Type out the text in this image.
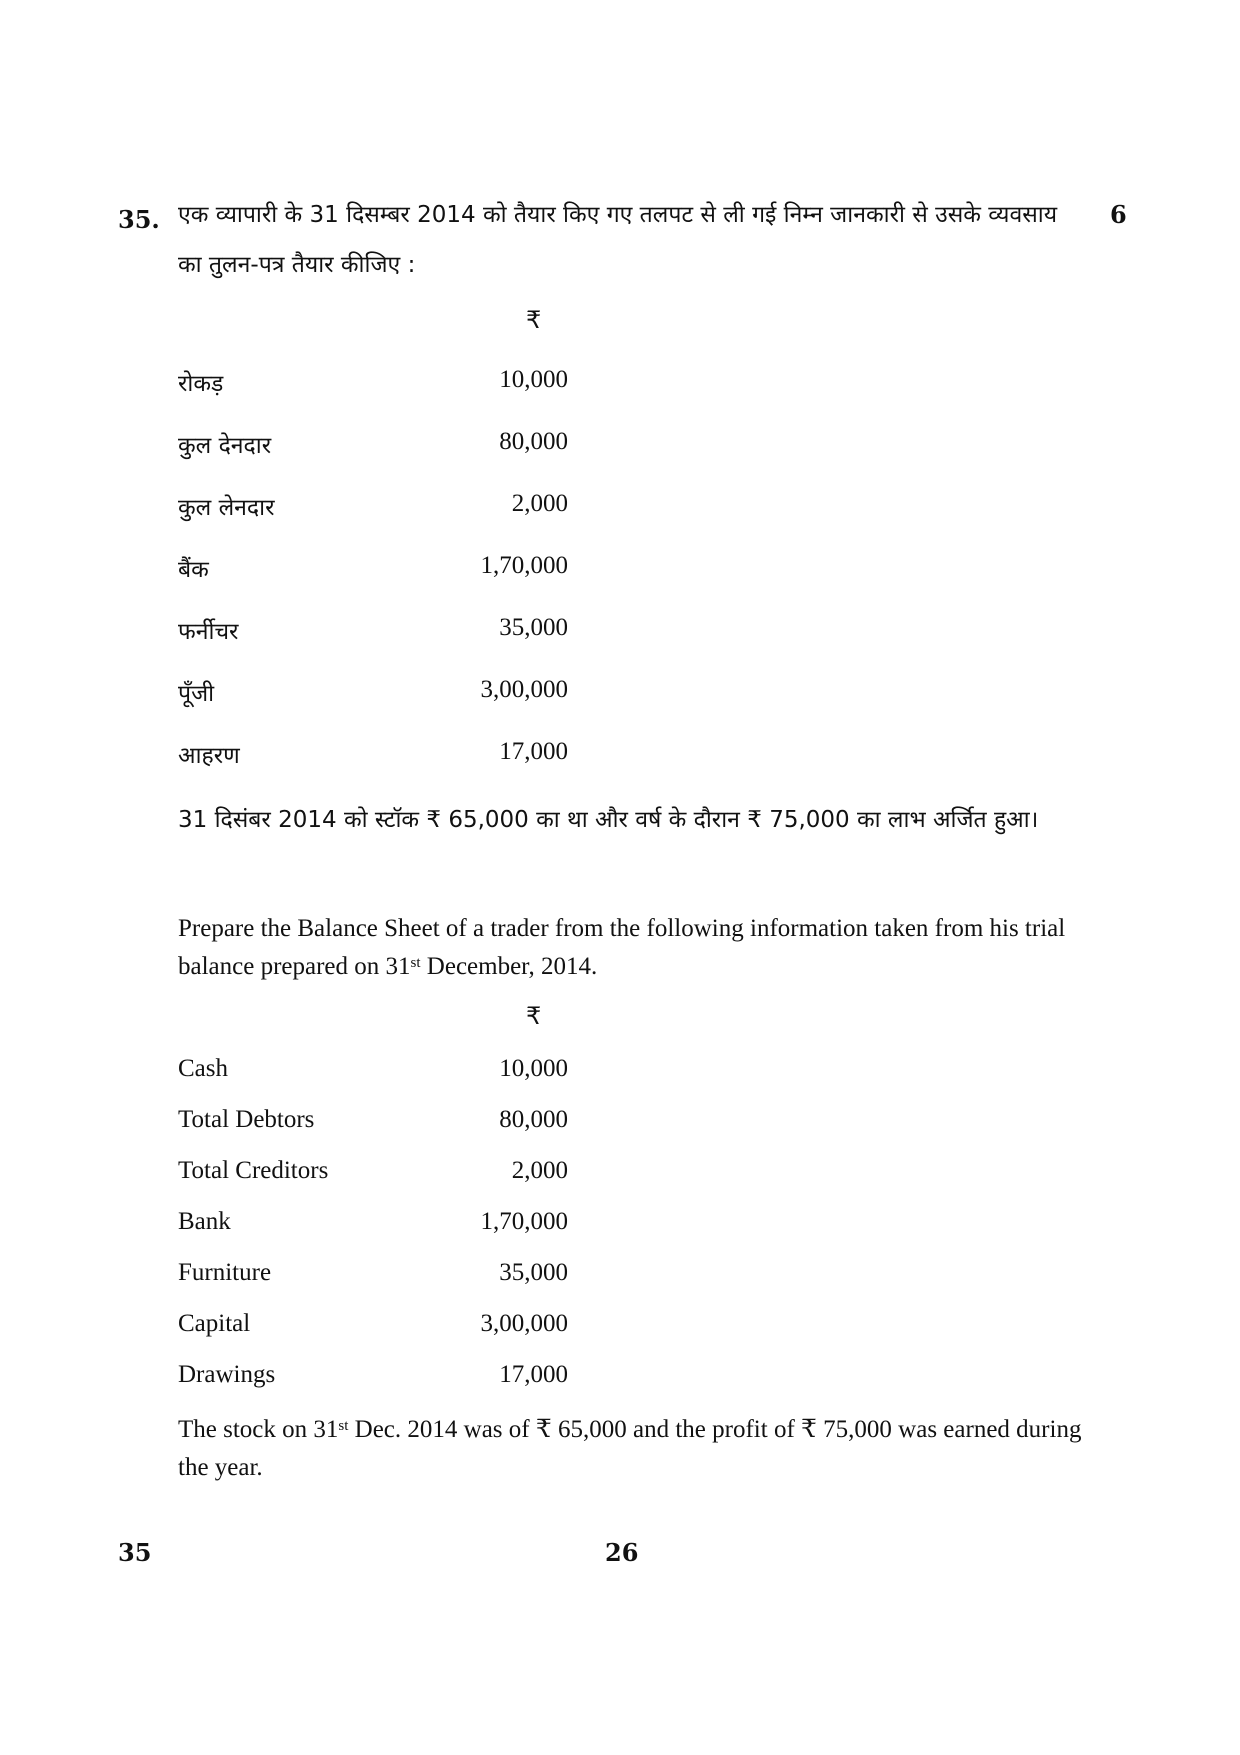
35.	6
एक व्यापारी के 31 दिसम्बर 2014 को तैयार किए गए तलपट से ली गई निम्न जानकारी से उसके व्यवसाय का तुलन-पत्र तैयार कीजिए :
₹
रोकड़	10,000
कुल देनदार	80,000
कुल लेनदार	2,000
बैंक	1,70,000
फर्नीचर	35,000
पूँजी	3,00,000
आहरण	17,000
31 दिसंबर 2014 को स्टॉक ₹ 65,000 का था और वर्ष के दौरान ₹ 75,000 का लाभ अर्जित हुआ।
Prepare the Balance Sheet of a trader from the following information taken from his trial balance prepared on 31st December, 2014.
₹
Cash	10,000
Total Debtors	80,000
Total Creditors	2,000
Bank	1,70,000
Furniture	35,000
Capital	3,00,000
Drawings	17,000
The stock on 31st Dec. 2014 was of ₹ 65,000 and the profit of ₹ 75,000 was earned during the year.
35	26
